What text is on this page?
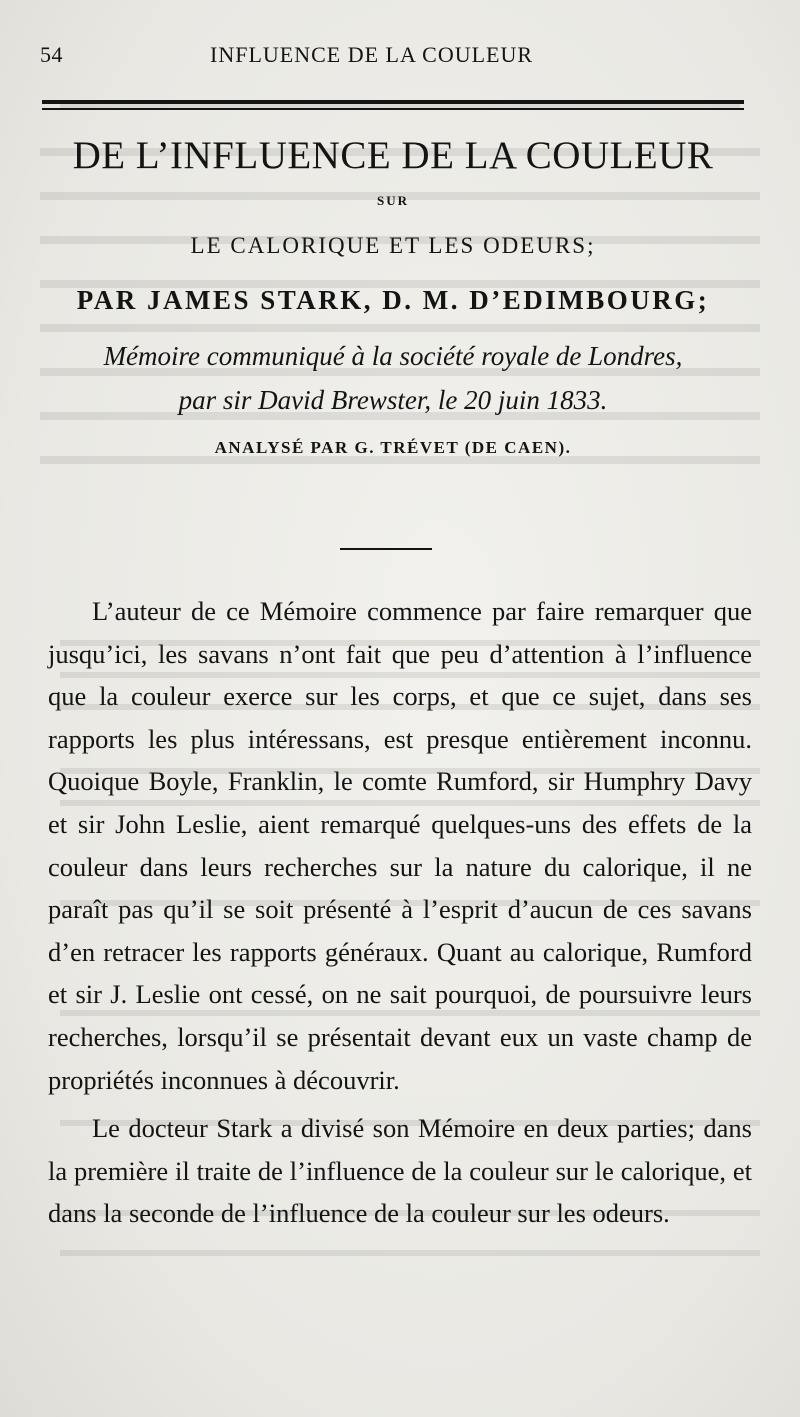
54	INFLUENCE DE LA COULEUR
DE L’INFLUENCE DE LA COULEUR
SUR
LE CALORIQUE ET LES ODEURS;
PAR JAMES STARK, D. M. D’EDIMBOURG;
Mémoire communiqué à la société royale de Londres,
par sir David Brewster, le 20 juin 1833.
ANALYSÉ PAR G. TRÉVET (DE CAEN).

L’auteur de ce Mémoire commence par faire remarquer que jusqu’ici, les savans n’ont fait que peu d’attention à l’influence que la couleur exerce sur les corps, et que ce sujet, dans ses rapports les plus intéressans, est presque entièrement inconnu. Quoique Boyle, Franklin, le comte Rumford, sir Humphry Davy et sir John Leslie, aient remarqué quelques-uns des effets de la couleur dans leurs recherches sur la nature du calorique, il ne paraît pas qu’il se soit présenté à l’esprit d’aucun de ces savans d’en retracer les rapports généraux. Quant au calorique, Rumford et sir J. Leslie ont cessé, on ne sait pourquoi, de poursuivre leurs recherches, lorsqu’il se présentait devant eux un vaste champ de propriétés inconnues à découvrir.

Le docteur Stark a divisé son Mémoire en deux parties; dans la première il traite de l’influence de la couleur sur le calorique, et dans la seconde de l’influence de la couleur sur les odeurs.
